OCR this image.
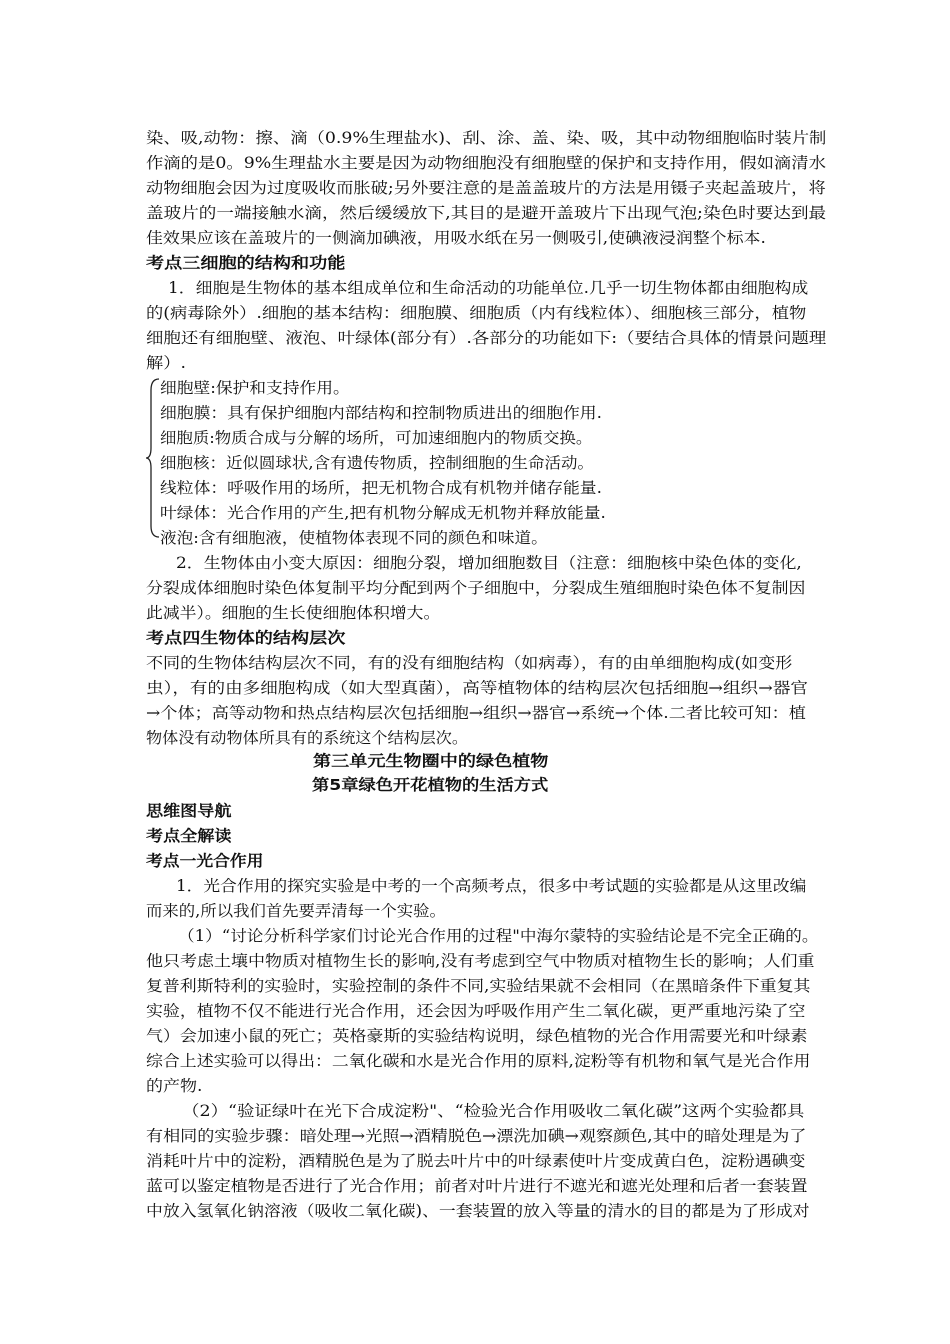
染、吸,动物：擦、滴（0.9%生理盐水)、刮、涂、盖、染、吸，其中动物细胞临时装片制
作滴的是0。9%生理盐水主要是因为动物细胞没有细胞壁的保护和支持作用，假如滴清水
动物细胞会因为过度吸收而胀破;另外要注意的是盖盖玻片的方法是用镊子夹起盖玻片，将
盖玻片的一端接触水滴，然后缓缓放下,其目的是避开盖玻片下出现气泡;染色时要达到最
佳效果应该在盖玻片的一侧滴加碘液，用吸水纸在另一侧吸引,使碘液浸润整个标本.
考点三细胞的结构和功能
1．细胞是生物体的基本组成单位和生命活动的功能单位.几乎一切生物体都由细胞构成
的(病毒除外）.细胞的基本结构：细胞膜、细胞质（内有线粒体）、细胞核三部分，植物
细胞还有细胞壁、液泡、叶绿体(部分有）.各部分的功能如下:（要结合具体的情景问题理
解）.
细胞壁:保护和支持作用。
细胞膜：具有保护细胞内部结构和控制物质进出的细胞作用.
细胞质:物质合成与分解的场所，可加速细胞内的物质交换。
细胞核：近似圆球状,含有遗传物质，控制细胞的生命活动。
线粒体：呼吸作用的场所，把无机物合成有机物并储存能量.
叶绿体：光合作用的产生,把有机物分解成无机物并释放能量.
液泡:含有细胞液，使植物体表现不同的颜色和味道。
2．生物体由小变大原因：细胞分裂，增加细胞数目（注意：细胞核中染色体的变化,
分裂成体细胞时染色体复制平均分配到两个子细胞中，分裂成生殖细胞时染色体不复制因
此减半）。细胞的生长使细胞体积增大。
考点四生物体的结构层次
不同的生物体结构层次不同，有的没有细胞结构（如病毒），有的由单细胞构成(如变形
虫），有的由多细胞构成（如大型真菌），高等植物体的结构层次包括细胞→组织→器官
→个体；高等动物和热点结构层次包括细胞→组织→器官→系统→个体.二者比较可知：植
物体没有动物体所具有的系统这个结构层次。
第三单元生物圈中的绿色植物
第5章绿色开花植物的生活方式
思维图导航
考点全解读
考点一光合作用
1．光合作用的探究实验是中考的一个高频考点，很多中考试题的实验都是从这里改编
而来的,所以我们首先要弄清每一个实验。
（1）“讨论分析科学家们讨论光合作用的过程"中海尔蒙特的实验结论是不完全正确的。
他只考虑土壤中物质对植物生长的影响,没有考虑到空气中物质对植物生长的影响；人们重
复普利斯特利的实验时，实验控制的条件不同,实验结果就不会相同（在黑暗条件下重复其
实验，植物不仅不能进行光合作用，还会因为呼吸作用产生二氧化碳，更严重地污染了空
气）会加速小鼠的死亡；英格豪斯的实验结构说明，绿色植物的光合作用需要光和叶绿素
综合上述实验可以得出：二氧化碳和水是光合作用的原料,淀粉等有机物和氧气是光合作用
的产物.
（2）“验证绿叶在光下合成淀粉"、“检验光合作用吸收二氧化碳”这两个实验都具
有相同的实验步骤：暗处理→光照→酒精脱色→漂洗加碘→观察颜色,其中的暗处理是为了
消耗叶片中的淀粉，酒精脱色是为了脱去叶片中的叶绿素使叶片变成黄白色，淀粉遇碘变
蓝可以鉴定植物是否进行了光合作用；前者对叶片进行不遮光和遮光处理和后者一套装置
中放入氢氧化钠溶液（吸收二氧化碳)、一套装置的放入等量的清水的目的都是为了形成对
